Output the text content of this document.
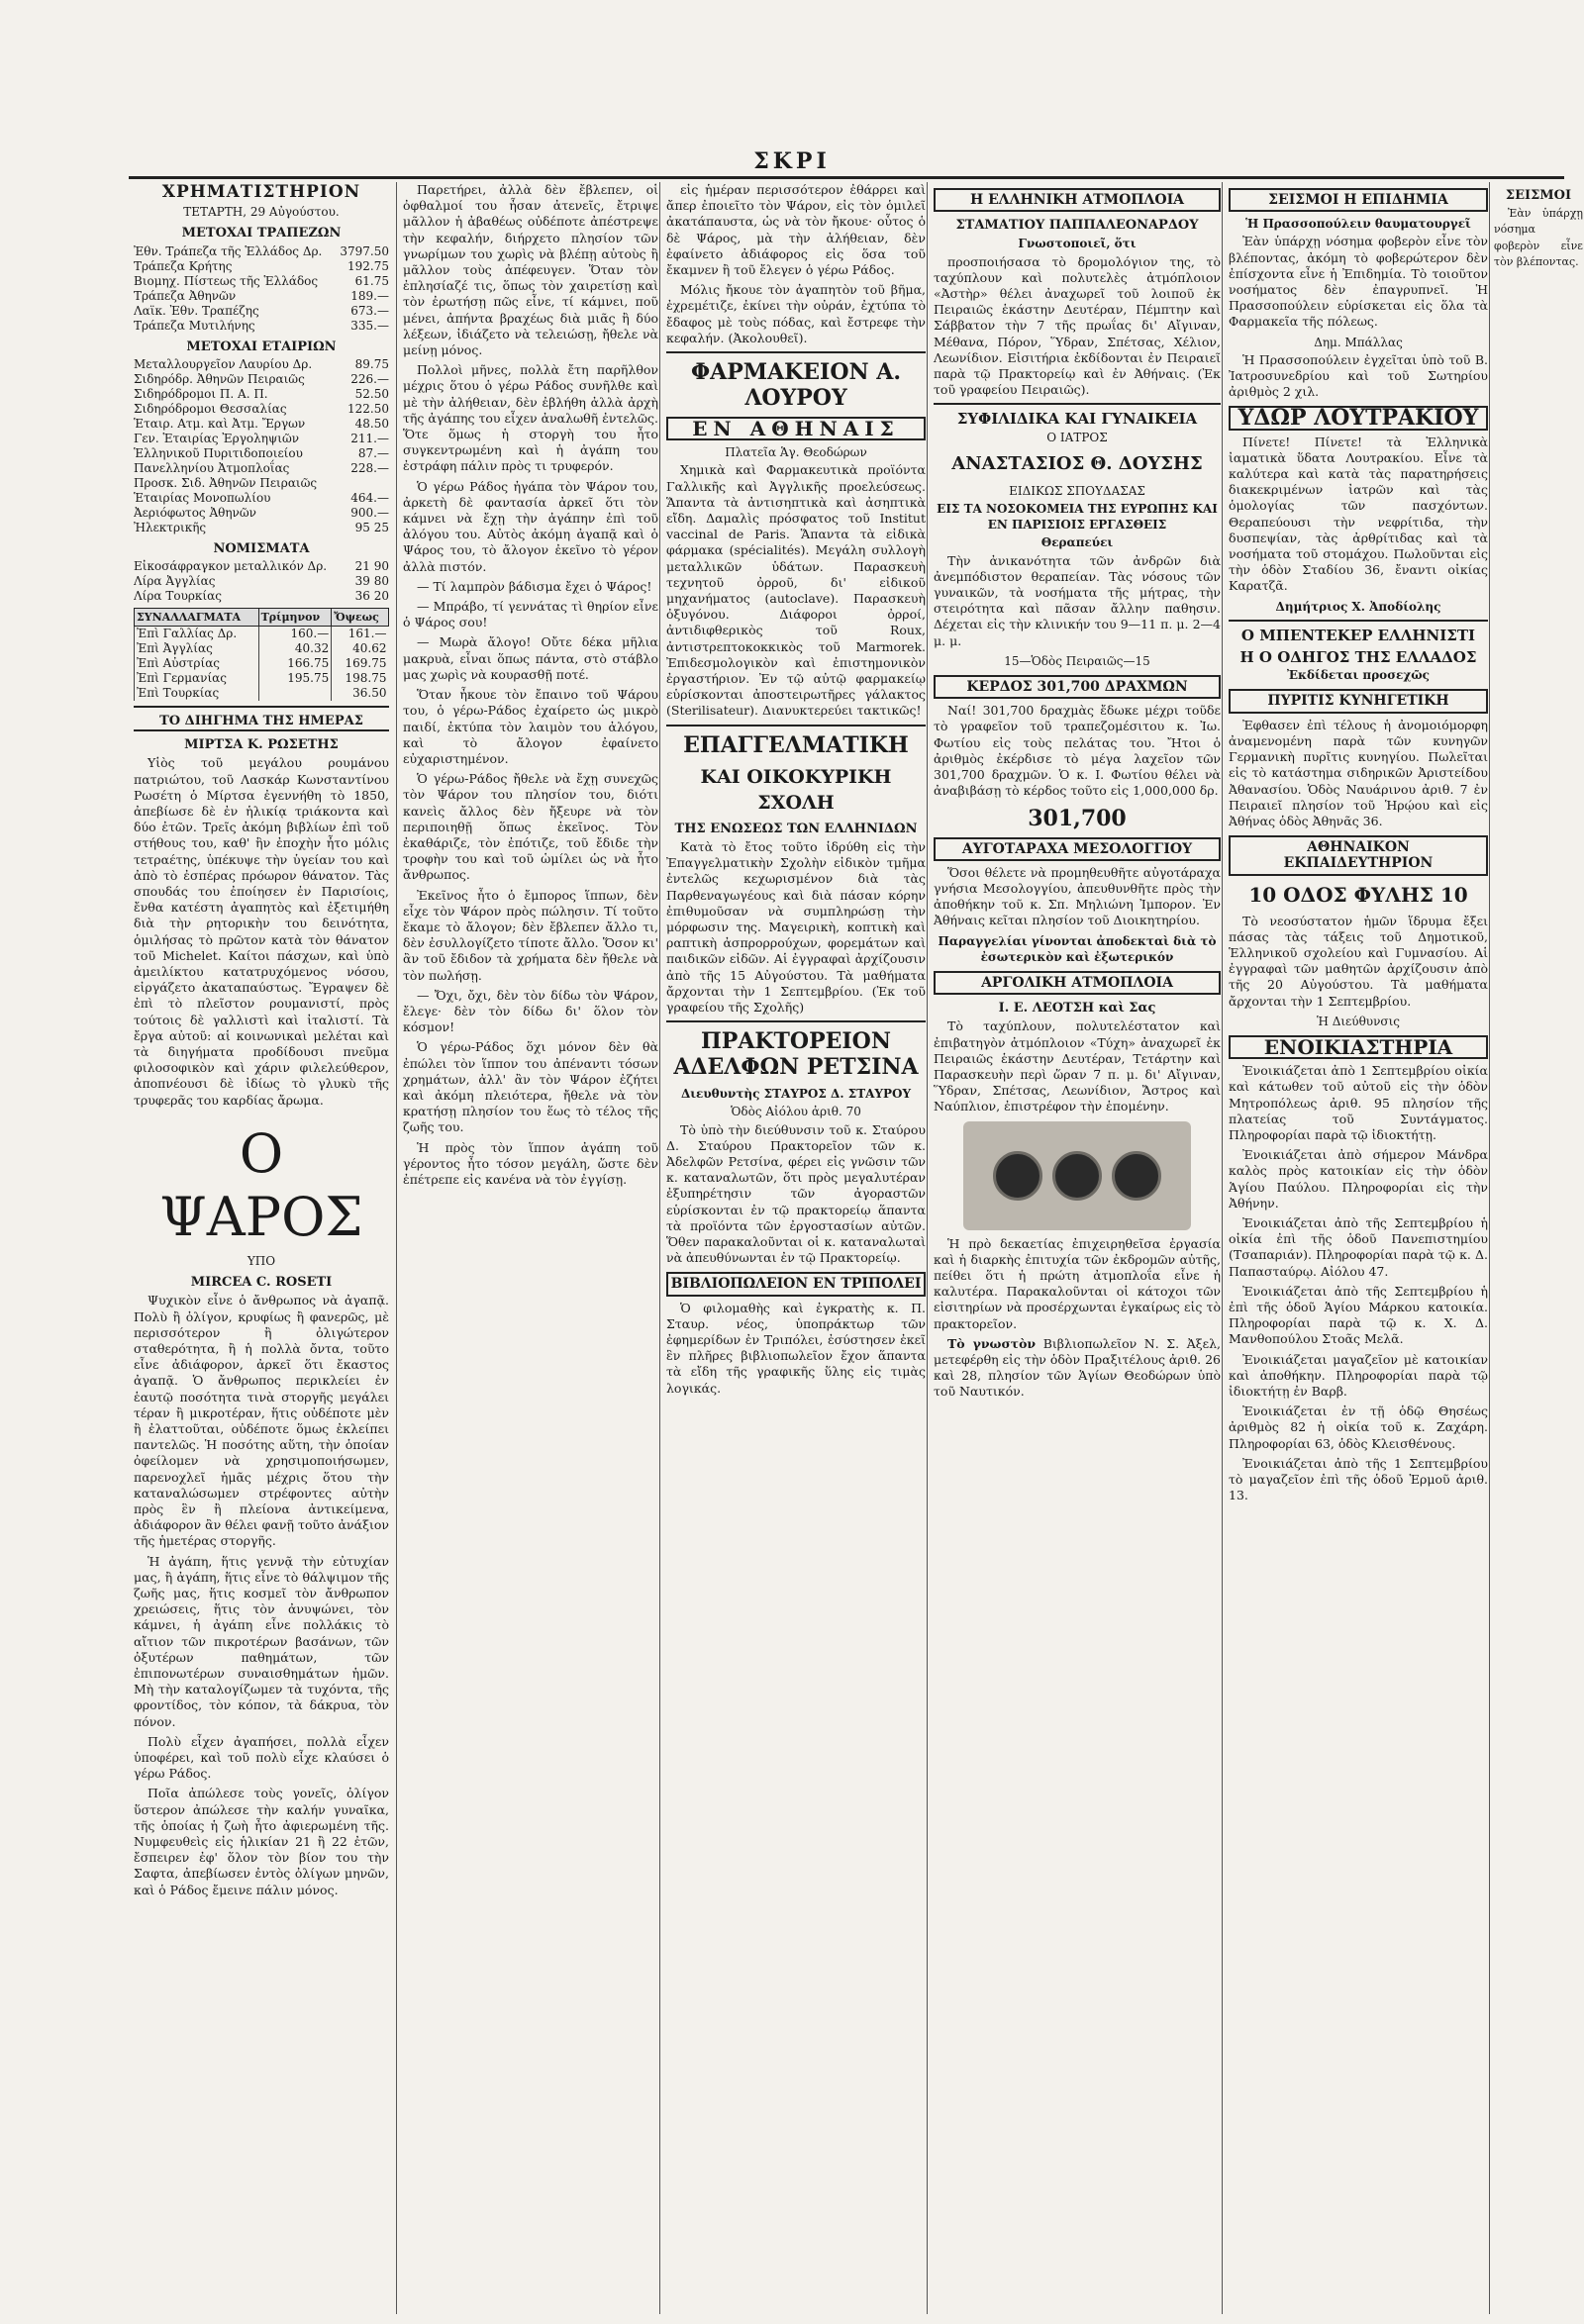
ΣΚΡΙ
ΧΡΗΜΑΤΙΣΤΗΡΙΟΝ
ΤΕΤΑΡΤΗ, 29 Αὐγούστου.
ΜΕΤΟΧΑΙ ΤΡΑΠΕΖΩΝ
Ἐθν. Τράπεζα τῆς Ἑλλάδος Δρ.	3797.50
Τράπεζα Κρήτης	192.75
Βιομηχ. Πίστεως τῆς Ἑλλάδος	61.75
Τράπεζα Ἀθηνῶν	189.—
Λαϊκ. Ἐθν. Τραπέζης	673.—
Τράπεζα Μυτιλήνης	335.—
ΜΕΤΟΧΑΙ ΕΤΑΙΡΙΩΝ
Μεταλλουργεῖον Λαυρίου Δρ.	89.75
Σιδηρόδρ. Ἀθηνῶν Πειραιῶς	226.—
Σιδηρόδρομοι Π. Α. Π.	52.50
Σιδηρόδρομοι Θεσσαλίας	122.50
Ἑταιρ. Ατμ. καὶ Ἀτμ. Ἔργων	48.50
Γεν. Ἑταιρίας Ἐργοληψιῶν	211.—
Ἑλληνικοῦ Πυριτιδοποιείου	87.—
Πανελληνίου Ἀτμοπλοΐας	228.—
Προσκ. Σιδ. Ἀθηνῶν Πειραιῶς	
Ἑταιρίας Μονοπωλίου	464.—
Ἀεριόφωτος Ἀθηνῶν	900.—
Ἠλεκτρικῆς	95 25
ΝΟΜΙΣΜΑΤΑ
Εἰκοσάφραγκον μεταλλικόν Δρ.	21 90
Λίρα Ἀγγλίας	39 80
Λίρα Τουρκίας	36 20
ΣΥΝΑΛΛΑΓΜΑΤΑ	Τρίμηνον	Ὄψεως
Ἐπὶ Γαλλίας Δρ.	160.—	161.—
Ἐπὶ Ἀγγλίας	40.32	40.62
Ἐπὶ Αὐστρίας	166.75	169.75
Ἐπὶ Γερμανίας	195.75	198.75
Ἐπὶ Τουρκίας		36.50
ΤΟ ΔΙΗΓΗΜΑ ΤΗΣ ΗΜΕΡΑΣ
ΜΙΡΤΣΑ Κ. ΡΩΣΕΤΗΣ

Υἱὸς τοῦ μεγάλου ρουμάνου πατριώτου, τοῦ Λασκάρ Κωνσταντίνου Ρωσέτη ὁ Μίρτσα ἐγεννήθη τὸ 1850, ἀπεβίωσε δὲ ἐν ἡλικίᾳ τριάκοντα καὶ δύο ἐτῶν. Τρεῖς ἀκόμη βιβλίων ἐπὶ τοῦ στήθους του, καθ' ἣν ἐποχὴν ἦτο μόλις τετραέτης, ὑπέκυψε τὴν ὑγείαν του καὶ ἀπὸ τὸ ἐσπέρας πρόωρον θάνατον. Τὰς σπουδάς του ἐποίησεν ἐν Παρισίοις, ἔνθα κατέστη ἀγαπητὸς καὶ ἐξετιμήθη διὰ τὴν ρητορικὴν του δεινότητα, ὁμιλήσας τὸ πρῶτον κατὰ τὸν θάνατον τοῦ Michelet. Καίτοι πάσχων, καὶ ὑπὸ ἀμειλίκτου κατατρυχόμενος νόσου, εἰργάζετο ἀκαταπαύστως. Ἔγραψεν δὲ ἐπὶ τὸ πλεῖστον ρουμανιστί, πρὸς τούτοις δὲ γαλλιστὶ καὶ ἰταλιστί. Τὰ ἔργα αὐτοῦ: αἱ κοινωνικαὶ μελέται καὶ τὰ διηγήματα προδίδουσι πνεῦμα φιλοσοφικὸν καὶ χάριν φιλελεύθερον, ἀποπνέουσι δὲ ἰδίως τὸ γλυκὺ τῆς τρυφερᾶς του καρδίας ἄρωμα.

Ο ΨΑΡΟΣ
ΥΠΟ
MIRCEA C. ROSETI

Ψυχικὸν εἶνε ὁ ἄνθρωπος νὰ ἀγαπᾷ. Πολὺ ἢ ὀλίγον, κρυφίως ἢ φανερῶς, μὲ περισσότερον ἢ ὀλιγώτερον σταθερότητα, ἢ ἡ πολλὰ ὄντα, τοῦτο εἶνε ἀδιάφορον, ἀρκεῖ ὅτι ἔκαστος ἀγαπᾷ. Ὁ ἄνθρωπος περικλείει ἐν ἑαυτῷ ποσότητα τινὰ στοργῆς μεγάλει τέραν ἢ μικροτέραν, ἥτις οὐδέποτε μὲν ἢ ἐλαττοῦται, οὐδέποτε ὅμως ἐκλείπει παντελῶς. Ἡ ποσότης αὕτη, τὴν ὁποίαν ὀφείλομεν νὰ χρησιμοποιήσωμεν, παρενοχλεῖ ἡμᾶς μέχρις ὅτου τὴν καταναλώσωμεν στρέφοντες αὐτὴν πρὸς ἓν ἢ πλείονα ἀντικείμενα, ἀδιάφορον ἂν θέλει φανῇ τοῦτο ἀνάξιον τῆς ἡμετέρας στοργῆς.

Ἡ ἀγάπη, ἥτις γεννᾷ τὴν εὐτυχίαν μας, ἢ ἀγάπη, ἥτις εἶνε τὸ θάλψιμον τῆς ζωῆς μας, ἥτις κοσμεῖ τὸν ἄνθρωπον χρειώσεις, ἥτις τὸν ἀνυψώνει, τὸν κάμνει, ἡ ἀγάπη εἶνε πολλάκις τὸ αἴτιον τῶν πικροτέρων βασάνων, τῶν ὀξυτέρων παθημάτων, τῶν ἐπιπονωτέρων συναισθημάτων ἡμῶν. Μὴ τὴν καταλογίζωμεν τὰ τυχόντα, τῆς φροντίδος, τὸν κόπον, τὰ δάκρυα, τὸν πόνον.

Πολὺ εἶχεν ἀγαπήσει, πολλὰ εἶχεν ὑποφέρει, καὶ τοῦ πολὺ εἶχε κλαύσει ὁ γέρω Ράδος.

Ποῖα ἀπώλεσε τοὺς γονεῖς, ὀλίγον ὕστερον ἀπώλεσε τὴν καλήν γυναῖκα, τῆς ὁποίας ἡ ζωὴ ἦτο ἀφιερωμένη τῆς. Νυμφευθεὶς εἰς ἡλικίαν 21 ἢ 22 ἐτῶν, ἔσπειρεν ἐφ' ὅλον τὸν βίον του τὴν Σαφτα, ἀπεβίωσεν ἐντὸς ὀλίγων μηνῶν, καὶ ὁ Ράδος ἔμεινε πάλιν μόνος.

Παρετήρει, ἀλλὰ δὲν ἔβλεπεν, οἱ ὀφθαλμοί του ἦσαν ἀτενεῖς, ἔτριψε μᾶλλον ἡ ἀβαθέως οὐδέποτε ἀπέστρεψε τὴν κεφαλήν, διήρχετο πλησίον τῶν γνωρίμων του χωρὶς νὰ βλέπῃ αὐτοὺς ἢ μᾶλλον τοὺς ἀπέφευγεν. Ὅταν τὸν ἐπλησίαζέ τις, ὅπως τὸν χαιρετίσῃ καὶ τὸν ἐρωτήσῃ πῶς εἶνε, τί κάμνει, ποῦ μένει, ἀπήντα βραχέως διὰ μιᾶς ἢ δύο λέξεων, ἰδιάζετο νὰ τελειώσῃ, ἤθελε νὰ μείνῃ μόνος.

Πολλοὶ μῆνες, πολλὰ ἔτη παρῆλθον μέχρις ὅτου ὁ γέρω Ράδος συνῆλθε καὶ μὲ τὴν ἀλήθειαν, δὲν ἐβλήθη ἀλλὰ ἀρχὴ τῆς ἀγάπης του εἶχεν ἀναλωθῆ ἐντελῶς. Ὅτε ὅμως ἡ στοργὴ του ἦτο συγκεντρωμένη καὶ ἡ ἀγάπη του ἐστράφη πάλιν πρὸς τι τρυφερόν.

Ὁ γέρω Ράδος ἠγάπα τὸν Ψάρον του, ἀρκετὴ δὲ φαντασία ἀρκεῖ ὅτι τὸν κάμνει νὰ ἔχῃ τὴν ἀγάπην ἐπὶ τοῦ ἀλόγου του. Αὐτὸς ἀκόμη ἀγαπᾷ καὶ ὁ Ψάρος του, τὸ ἄλογον ἐκεῖνο τὸ γέρον ἀλλὰ πιστόν.

— Τί λαμπρὸν βάδισμα ἔχει ὁ Ψάρος!

— Μπράβο, τί γεννάτας τὶ θηρίον εἶνε ὁ Ψάρος σου!

— Μωρὰ ἄλογο! Οὔτε δέκα μῆλια μακρυὰ, εἶναι ὅπως πάντα, στὸ στάβλο μας χωρὶς νὰ κουρασθῇ ποτέ.

Ὅταν ἦκουε τὸν ἔπαινο τοῦ Ψάρου του, ὁ γέρω-Ράδος ἐχαίρετο ὡς μικρὸ παιδί, ἐκτύπα τὸν λαιμὸν του ἀλόγου, καὶ τὸ ἄλογον ἐφαίνετο εὐχαριστημένον.

Ὁ γέρω-Ράδος ἤθελε νὰ ἔχῃ συνεχῶς τὸν Ψάρον του πλησίον του, διότι κανεὶς ἄλλος δὲν ἤξευρε νὰ τὸν περιποιηθῇ ὅπως ἐκεῖνος. Τὸν ἐκαθάριζε, τὸν ἐπότιζε, τοῦ ἔδιδε τὴν τροφὴν του καὶ τοῦ ὡμίλει ὡς νὰ ἦτο ἄνθρωπος.

Ἐκεῖνος ἦτο ὁ ἔμπορος ἵππων, δὲν εἶχε τὸν Ψάρον πρὸς πώλησιν. Τί τοῦτο ἔκαμε τὸ ἄλογον; δὲν ἔβλεπεν ἄλλο τι, δὲν ἐσυλλογίζετο τίποτε ἄλλο. Ὅσον κι' ἂν τοῦ ἔδιδον τὰ χρήματα δὲν ἤθελε νὰ τὸν πωλήσῃ.

— Ὄχι, ὄχι, δὲν τὸν δίδω τὸν Ψάρον, ἔλεγε· δὲν τὸν δίδω δι' ὅλον τὸν κόσμον!

Ὁ γέρω-Ράδος ὅχι μόνον δὲν θὰ ἐπώλει τὸν ἵππον του ἀπέναντι τόσων χρημάτων, ἀλλ' ἂν τὸν Ψάρον ἐζήτει καὶ ἀκόμη πλειότερα, ἤθελε νὰ τὸν κρατήσῃ πλησίον του ἕως τὸ τέλος τῆς ζωῆς του.

Ἡ πρὸς τὸν ἵππον ἀγάπη τοῦ γέροντος ἦτο τόσον μεγάλη, ὥστε δὲν ἐπέτρεπε εἰς κανένα νὰ τὸν ἐγγίσῃ.

εἰς ἡμέραν περισσότερον ἐθάρρει καὶ ἄπερ ἐποιεῖτο τὸν Ψάρον, εἰς τὸν ὁμιλεῖ ἀκατάπαυστα, ὡς νὰ τὸν ἤκουε· οὗτος ὁ δὲ Ψάρος, μὰ τὴν ἀλήθειαν, δὲν ἐφαίνετο ἀδιάφορος εἰς ὅσα τοῦ ἔκαμνεν ἢ τοῦ ἔλεγεν ὁ γέρω Ράδος.

Μόλις ἤκουε τὸν ἀγαπητὸν τοῦ βῆμα, ἐχρεμέτιζε, ἐκίνει τὴν οὐράν, ἐχτύπα τὸ ἔδαφος μὲ τοὺς πόδας, καὶ ἔστρεφε τὴν κεφαλήν. (Ἀκολουθεῖ).

ΦΑΡΜΑΚΕΙΟΝ Α. ΛΟΥΡΟΥ
ΕΝ ΑΘΗΝΑΙΣ
Πλατεῖα Ἁγ. Θεοδώρων

Χημικὰ καὶ Φαρμακευτικὰ προϊόντα Γαλλικῆς καὶ Ἀγγλικῆς προελεύσεως. Ἅπαντα τὰ ἀντισηπτικὰ καὶ ἀσηπτικὰ εἴδη. Δαμαλὶς πρόσφατος τοῦ Institut vaccinal de Paris. Ἅπαντα τὰ εἰδικὰ φάρμακα (spécialités). Μεγάλη συλλογὴ μεταλλικῶν ὑδάτων. Παρασκευὴ τεχνητοῦ ὀρροῦ, δι' εἰδικοῦ μηχανήματος (autoclave). Παρασκευὴ ὀξυγόνου. Διάφοροι ὀρροί, ἀντιδιφθερικὸς τοῦ Roux, ἀντιστρεπτοκοκκικὸς τοῦ Marmorek. Ἐπιδεσμολογικὸν καὶ ἐπιστημονικὸν ἐργαστήριον. Ἐν τῷ αὐτῷ φαρμακείῳ εὑρίσκονται ἀποστειρωτῆρες γάλακτος (Sterilisateur). Διανυκτερεύει τακτικῶς!

ΕΠΑΓΓΕΛΜΑΤΙΚΗ
ΚΑΙ ΟΙΚΟΚΥΡΙΚΗ ΣΧΟΛΗ
ΤΗΣ ΕΝΩΣΕΩΣ ΤΩΝ ΕΛΛΗΝΙΔΩΝ

Κατὰ τὸ ἔτος τοῦτο ἱδρύθη εἰς τὴν Ἐπαγγελματικὴν Σχολὴν εἰδικὸν τμῆμα ἐντελῶς κεχωρισμένον διὰ τὰς Παρθεναγωγέους καὶ διὰ πάσαν κόρην ἐπιθυμοῦσαν νὰ συμπληρώσῃ τὴν μόρφωσιν της. Μαγειρικὴ, κοπτικὴ καὶ ραπτικὴ ἀσπρορρούχων, φορεμάτων καὶ παιδικῶν εἰδῶν. Αἱ ἐγγραφαὶ ἀρχίζουσιν ἀπὸ τῆς 15 Αὐγούστου. Τὰ μαθήματα ἄρχονται τὴν 1 Σεπτεμβρίου. (Ἐκ τοῦ γραφείου τῆς Σχολῆς)

ΠΡΑΚΤΟΡΕΙΟΝ ΑΔΕΛΦΩΝ ΡΕΤΣΙΝΑ
Διευθυντὴς ΣΤΑΥΡΟΣ Δ. ΣΤΑΥΡΟΥ
Ὁδὸς Αἰόλου ἀριθ. 70

Τὸ ὑπὸ τὴν διεύθυνσιν τοῦ κ. Σταύρου Δ. Σταύρου Πρακτορεῖον τῶν κ. Ἀδελφῶν Ρετσίνα, φέρει εἰς γνῶσιν τῶν κ. καταναλωτῶν, ὅτι πρὸς μεγαλυτέραν ἐξυπηρέτησιν τῶν ἀγοραστῶν εὑρίσκονται ἐν τῷ πρακτορείῳ ἅπαντα τὰ προϊόντα τῶν ἐργοστασίων αὐτῶν. Ὅθεν παρακαλοῦνται οἱ κ. καταναλωταὶ νὰ ἀπευθύνωνται ἐν τῷ Πρακτορείῳ.

ΒΙΒΛΙΟΠΩΛΕΙΟΝ ΕΝ ΤΡΙΠΟΛΕΙ

Ὁ φιλομαθὴς καὶ ἐγκρατὴς κ. Π. Σταυρ. νέος, ὑποπράκτωρ τῶν ἐφημερίδων ἐν Τριπόλει, ἐσύστησεν ἐκεῖ ἓν πλῆρες βιβλιοπωλεῖον ἔχον ἅπαντα τὰ εἴδη τῆς γραφικῆς ὕλης εἰς τιμὰς λογικάς.

Η ΕΛΛΗΝΙΚΗ ΑΤΜΟΠΛΟΙΑ
ΣΤΑΜΑΤΙΟΥ ΠΑΠΠΑΛΕΟΝΑΡΔΟΥ
Γνωστοποιεῖ, ὅτι

προσποιήσασα τὸ δρομολόγιον της, τὸ ταχύπλουν καὶ πολυτελὲς ἀτμόπλοιον «Ἀστὴρ» θέλει ἀναχωρεῖ τοῦ λοιποῦ ἐκ Πειραιῶς ἑκάστην Δευτέραν, Πέμπτην καὶ Σάββατον τὴν 7 τῆς πρωΐας δι' Αἴγιναν, Μέθανα, Πόρον, Ὕδραν, Σπέτσας, Χέλιον, Λεωνίδιον. Εἰσιτήρια ἐκδίδονται ἐν Πειραιεῖ παρὰ τῷ Πρακτορείῳ καὶ ἐν Ἀθήναις. (Ἐκ τοῦ γραφείου Πειραιῶς).

ΣΥΦΙΛΙΔΙΚΑ ΚΑΙ ΓΥΝΑΙΚΕΙΑ
Ο ΙΑΤΡΟΣ
ΑΝΑΣΤΑΣΙΟΣ Θ. ΔΟΥΣΗΣ
ΕΙΔΙΚΩΣ ΣΠΟΥΔΑΣΑΣ
ΕΙΣ ΤΑ ΝΟΣΟΚΟΜΕΙΑ ΤΗΣ ΕΥΡΩΠΗΣ ΚΑΙ ΕΝ ΠΑΡΙΣΙΟΙΣ ΕΡΓΑΣΘΕΙΣ
Θεραπεύει

Τὴν ἀνικανότητα τῶν ἀνδρῶν διὰ ἀνεμπόδιστον θεραπείαν. Τὰς νόσους τῶν γυναικῶν, τὰ νοσήματα τῆς μήτρας, τὴν στειρότητα καὶ πᾶσαν ἄλλην παθησιν. Δέχεται εἰς τὴν κλινικήν του 9—11 π. μ. 2—4 μ. μ.

15—Ὁδὸς Πειραιῶς—15
ΚΕΡΔΟΣ 301,700 ΔΡΑΧΜΩΝ

Ναί! 301,700 δραχμὰς ἔδωκε μέχρι τοῦδε τὸ γραφεῖον τοῦ τραπεζομέσιτου κ. Ἰω. Φωτίου εἰς τοὺς πελάτας του. Ἤτοι ὁ ἀριθμὸς ἐκέρδισε τὸ μέγα λαχεῖον τῶν 301,700 δραχμῶν. Ὁ κ. Ι. Φωτίου θέλει νὰ ἀναβιβάσῃ τὸ κέρδος τοῦτο εἰς 1,000,000 δρ.

301,700
ΑΥΓΟΤΑΡΑΧΑ ΜΕΣΟΛΟΓΓΙΟΥ

Ὅσοι θέλετε νὰ προμηθευθῆτε αὐγοτάραχα γνήσια Μεσολογγίου, ἀπευθυνθῆτε πρὸς τὴν ἀποθήκην τοῦ κ. Σπ. Μηλιώνη Ἰμπορον. Ἐν Ἀθήναις κεῖται πλησίον τοῦ Διοικητηρίου.

Παραγγελίαι γίνονται ἀποδεκταὶ διὰ τὸ ἐσωτερικὸν καὶ ἐξωτερικόν
ΑΡΓΟΛΙΚΗ ΑΤΜΟΠΛΟΙΑ
Ι. Ε. ΛΕΟΤΣΗ καὶ Σας

Τὸ ταχύπλουν, πολυτελέστατον καὶ ἐπιβατηγὸν ἀτμόπλοιον «Τύχη» ἀναχωρεῖ ἐκ Πειραιῶς ἑκάστην Δευτέραν, Τετάρτην καὶ Παρασκευὴν περὶ ὥραν 7 π. μ. δι' Αἴγιναν, Ὕδραν, Σπέτσας, Λεωνίδιον, Ἄστρος καὶ Ναύπλιον, ἐπιστρέφον τὴν ἑπομένην.

Ἡ πρὸ δεκαετίας ἐπιχειρηθεῖσα ἐργασία καὶ ἡ διαρκὴς ἐπιτυχία τῶν ἐκδρομῶν αὐτῆς, πείθει ὅτι ἡ πρώτη ἀτμοπλοΐα εἶνε ἡ καλυτέρα. Παρακαλοῦνται οἱ κάτοχοι τῶν εἰσιτηρίων νὰ προσέρχωνται ἐγκαίρως εἰς τὸ πρακτορεῖον.

Τὸ γνωστὸν Βιβλιοπωλεῖον Ν. Σ. Ἀξελ, μετεφέρθη εἰς τὴν ὁδὸν Πραξιτέλους ἀριθ. 26 καὶ 28, πλησίον τῶν Ἁγίων Θεοδώρων ὑπὸ τοῦ Ναυτικόν.

ΣΕΙΣΜΟΙ Η ΕΠΙΔΗΜΙΑ
Ἡ Πρασσοπούλειν θαυματουργεῖ

Ἐὰν ὑπάρχῃ νόσημα φοβερὸν εἶνε τὸν βλέποντας, ἀκόμη τὸ φοβερώτερον δὲν ἐπίσχοντα εἶνε ἡ Ἐπιδημία. Τὸ τοιοῦτον νοσήματος δὲν ἐπαγρυπνεῖ. Ἡ Πρασσοπούλειν εὑρίσκεται εἰς ὅλα τὰ Φαρμακεῖα τῆς πόλεως.

Δημ. Μπάλλας

Ἡ Πρασσοπούλειν ἐγχεῖται ὑπὸ τοῦ Β. Ἰατροσυνεδρίου καὶ τοῦ Σωτηρίου ἀριθμὸς 2 χιλ.

ΥΔΩΡ ΛΟΥΤΡΑΚΙΟΥ

Πίνετε! Πίνετε! τὰ Ἑλληνικὰ ἰαματικὰ ὕδατα Λουτρακίου. Εἶνε τὰ καλύτερα καὶ κατὰ τὰς παρατηρήσεις διακεκριμένων ἰατρῶν καὶ τὰς ὁμολογίας τῶν πασχόντων. Θεραπεύουσι τὴν νεφρίτιδα, τὴν δυσπεψίαν, τὰς ἀρθρίτιδας καὶ τὰ νοσήματα τοῦ στομάχου. Πωλοῦνται εἰς τὴν ὁδὸν Σταδίου 36, ἔναντι οἰκίας Καρατζᾶ.

Δημήτριος Χ. Ἀποδίολης
Ο ΜΠΕΝΤΕΚΕΡ ΕΛΛΗΝΙΣΤΙ
Η Ο ΟΔΗΓΟΣ ΤΗΣ ΕΛΛΑΔΟΣ
Ἐκδίδεται προσεχῶς
ΠΥΡΙΤΙΣ ΚΥΝΗΓΕΤΙΚΗ

Ἐφθασεν ἐπὶ τέλους ἡ ἀνομοιόμορφη ἀναμενομένη παρὰ τῶν κυνηγῶν Γερμανικὴ πυρῖτις κυνηγίου. Πωλεῖται εἰς τὸ κατάστημα σιδηρικῶν Ἀριστείδου Ἀθανασίου. Ὁδὸς Ναυάρινου ἀριθ. 7 ἐν Πειραιεῖ πλησίον τοῦ Ἡρῴου καὶ εἰς Ἀθήνας ὁδὸς Ἀθηνᾶς 36.

ΑΘΗΝΑΙΚΟΝ ΕΚΠΑΙΔΕΥΤΗΡΙΟΝ
10 ΟΔΟΣ ΦΥΛΗΣ 10

Τὸ νεοσύστατον ἡμῶν ἵδρυμα ἔξει πάσας τὰς τάξεις τοῦ Δημοτικοῦ, Ἑλληνικοῦ σχολείου καὶ Γυμνασίου. Αἱ ἐγγραφαὶ τῶν μαθητῶν ἀρχίζουσιν ἀπὸ τῆς 20 Αὐγούστου. Τὰ μαθήματα ἄρχονται τὴν 1 Σεπτεμβρίου.

Ἡ Διεύθυνσις
ΕΝΟΙΚΙΑΣΤΗΡΙΑ

Ἐνοικιάζεται ἀπὸ 1 Σεπτεμβρίου οἰκία καὶ κάτωθεν τοῦ αὐτοῦ εἰς τὴν ὁδὸν Μητροπόλεως ἀριθ. 95 πλησίον τῆς πλατείας τοῦ Συντάγματος. Πληροφορίαι παρὰ τῷ ἰδιοκτήτῃ.

Ἐνοικιάζεται ἀπὸ σήμερον Μάνδρα καλὸς πρὸς κατοικίαν εἰς τὴν ὁδὸν Ἁγίου Παύλου. Πληροφορίαι εἰς τὴν Ἀθήνην.

Ἐνοικιάζεται ἀπὸ τῆς Σεπτεμβρίου ἡ οἰκία ἐπὶ τῆς ὁδοῦ Πανεπιστημίου (Τσαπαριάν). Πληροφορίαι παρὰ τῷ κ. Δ. Παπασταύρῳ. Αἰόλου 47.

Ἐνοικιάζεται ἀπὸ τῆς Σεπτεμβρίου ἡ ἐπὶ τῆς ὁδοῦ Ἁγίου Μάρκου κατοικία. Πληροφορίαι παρὰ τῷ κ. Χ. Δ. Μανθοπούλου Στοᾶς Μελᾶ.

Ἐνοικιάζεται μαγαζεῖον μὲ κατοικίαν καὶ ἀποθήκην. Πληροφορίαι παρὰ τῷ ἰδιοκτήτῃ ἐν Βαρβ.

Ἐνοικιάζεται ἐν τῇ ὁδῷ Θησέως ἀριθμὸς 82 ἡ οἰκία τοῦ κ. Ζαχάρη. Πληροφορίαι 63, ὁδὸς Κλεισθένους.

Ἐνοικιάζεται ἀπὸ τῆς 1 Σεπτεμβρίου τὸ μαγαζεῖον ἐπὶ τῆς ὁδοῦ Ἑρμοῦ ἀριθ. 13.

ΣΕΙΣΜΟΙ

Ἐὰν ὑπάρχῃ νόσημα φοβερὸν εἶνε τὸν βλέποντας.
